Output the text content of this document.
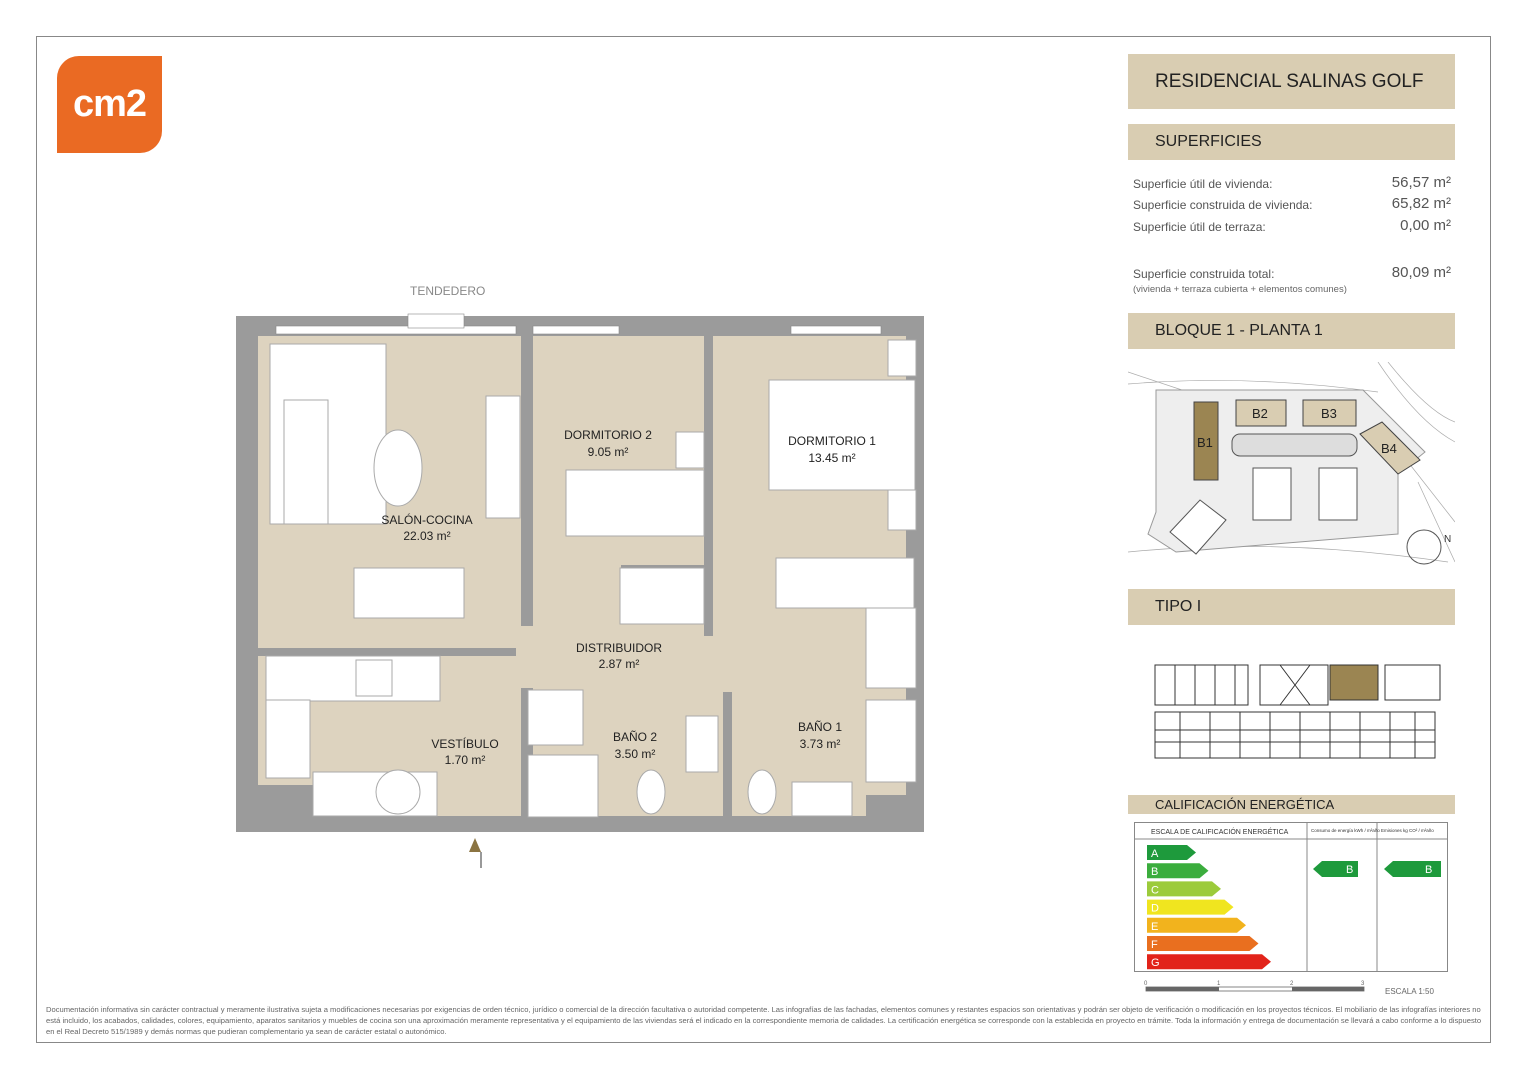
cm2
RESIDENCIAL SALINAS GOLF
SUPERFICIES
Superficie útil de vivienda:	56,57 m²
Superficie construida de vivienda:	65,82 m²
Superficie útil de terraza:	0,00 m²
Superficie construida total:	80,09 m²
(vivienda + terraza cubierta + elementos comunes)
BLOQUE 1 - PLANTA 1
B1
B2	B3
B4
N
TIPO I
CALIFICACIÓN ENERGÉTICA
ESCALA DE CALIFICACIÓN ENERGÉTICA	Consumo de energía kWh / m²año Emisiones kg CO² / m²año
A
B
C
D
E
F
G
B	B
0	1	2	3
ESCALA 1:50
TENDEDERO
SALÓN-COCINA
22.03 m²
DORMITORIO 2
9.05 m²
DORMITORIO 1
13.45 m²
DISTRIBUIDOR
2.87 m²
VESTÍBULO
1.70 m²
BAÑO 2
3.50 m²
BAÑO 1
3.73 m²
Documentación informativa sin carácter contractual y meramente ilustrativa sujeta a modificaciones necesarias por exigencias de orden técnico, jurídico o comercial de la dirección facultativa o autoridad competente. Las infografías de las fachadas, elementos comunes y restantes espacios son orientativas y podrán ser objeto de verificación o modificación en los proyectos técnicos. El mobiliario de las infografías interiores no está incluido, los acabados, calidades, colores, equipamiento, aparatos sanitarios y muebles de cocina son una aproximación meramente representativa y el equipamiento de las viviendas será el indicado en la correspondiente memoria de calidades. La certificación energética se corresponde con la establecida en proyecto en trámite. Toda la información y entrega de documentación se llevará a cabo conforme a lo dispuesto en el Real Decreto 515/1989 y demás normas que pudieran complementario ya sean de carácter estatal o autonómico.
